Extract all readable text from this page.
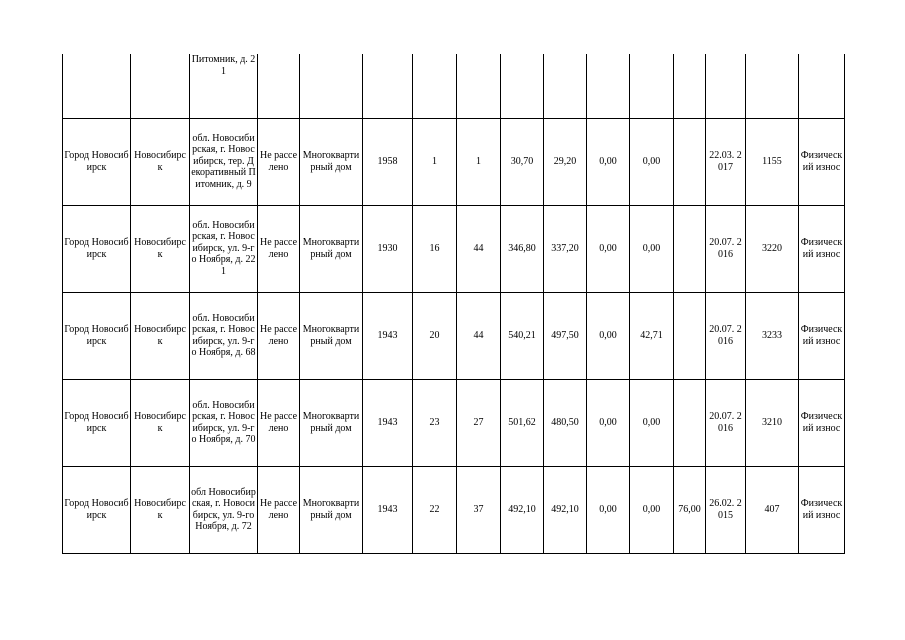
		Питомник, д. 21													
Город Новосибирск	Новосибирск	обл. Новосибирская, г. Новосибирск, тер. Декоративный Питомник, д. 9	Не расселено	Многоквартирный дом	1958	1	1	30,70	29,20	0,00	0,00		22.03. 2017	1155	Физический износ
Город Новосибирск	Новосибирск	обл. Новосибирская, г. Новосибирск, ул. 9-го Ноября, д. 221	Не расселено	Многоквартирный дом	1930	16	44	346,80	337,20	0,00	0,00		20.07. 2016	3220	Физический износ
Город Новосибирск	Новосибирск	обл. Новосибирская, г. Новосибирск, ул. 9-го Ноября, д. 68	Не расселено	Многоквартирный дом	1943	20	44	540,21	497,50	0,00	42,71		20.07. 2016	3233	Физический износ
Город Новосибирск	Новосибирск	обл. Новосибирская, г. Новосибирск, ул. 9-го Ноября, д. 70	Не расселено	Многоквартирный дом	1943	23	27	501,62	480,50	0,00	0,00		20.07. 2016	3210	Физический износ
Город Новосибирск	Новосибирск	обл Новосибирская, г. Новосибирск, ул. 9-го Ноября, д. 72	Не расселено	Многоквартирный дом	1943	22	37	492,10	492,10	0,00	0,00	76,00	26.02. 2015	407	Физический износ
